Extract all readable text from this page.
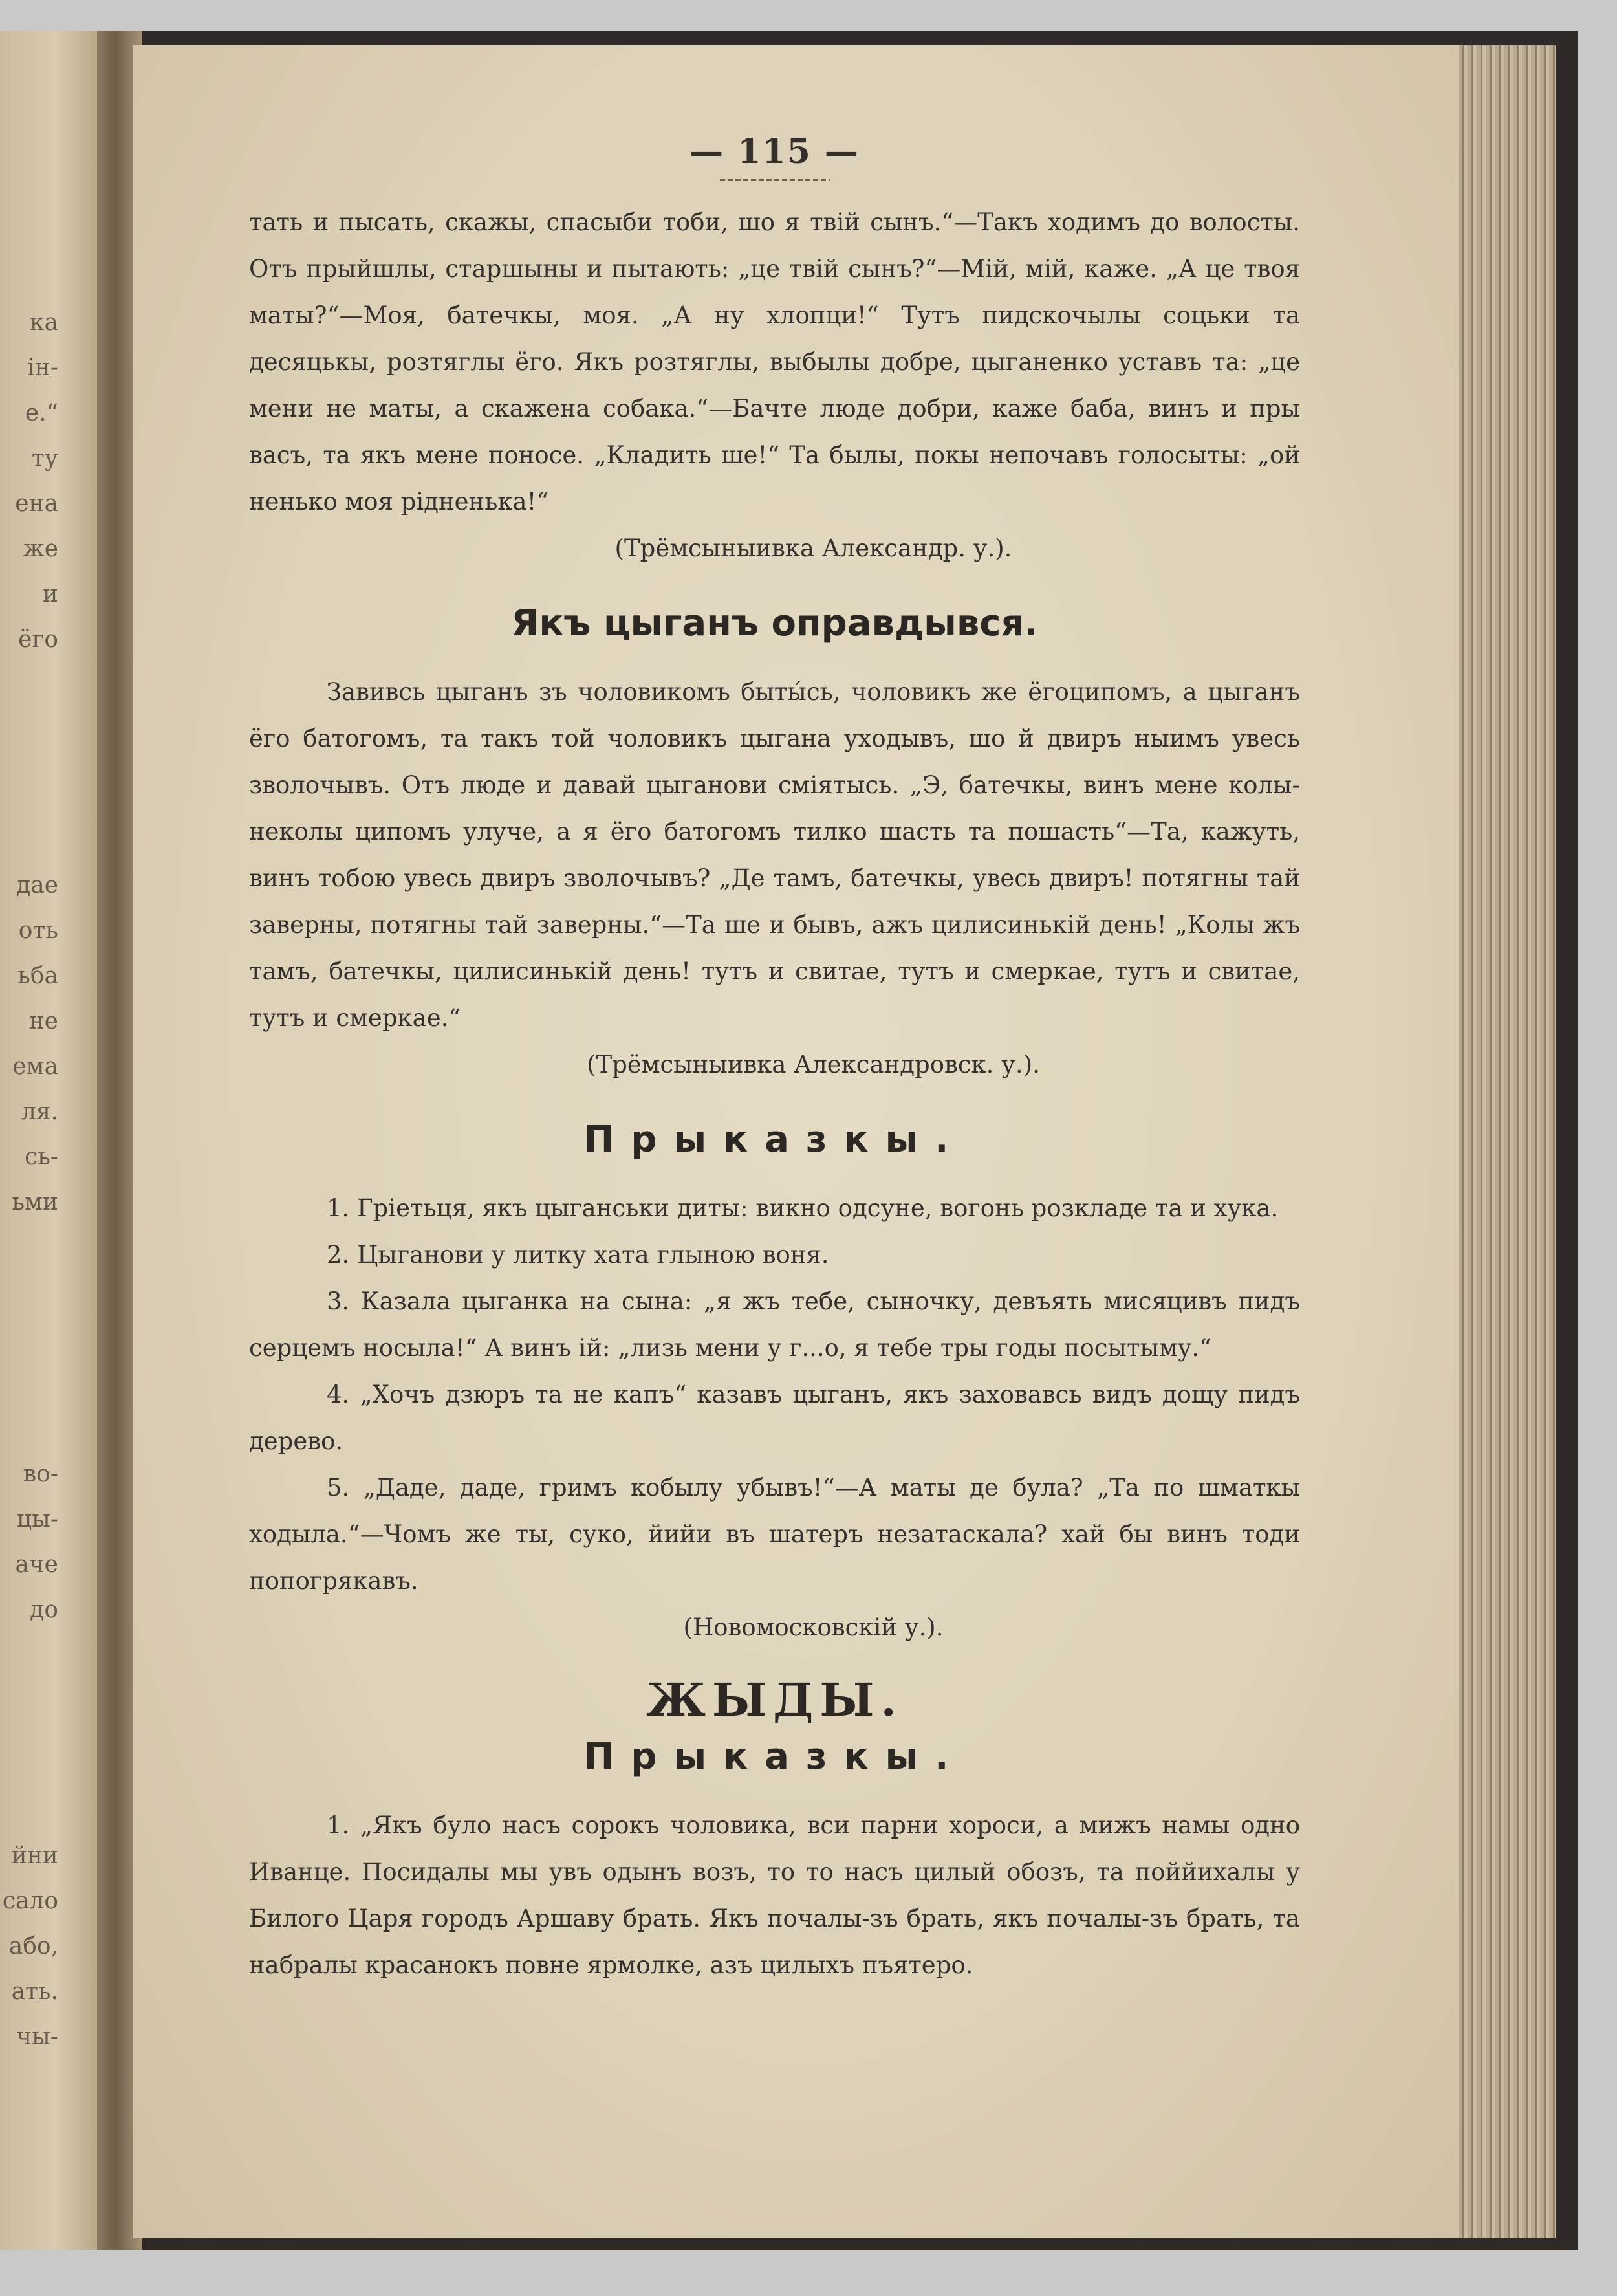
ка
ін-
е.“
ту
ена
же
и
ёго
дае
оть
ьба
не
ема
ля.
сь-
ьми
во-
цы-
аче
до
йни
сало
або,
ать.
чы-
— 115 —

тать и пысать, скажы, спасыби тоби, шо я твій сынъ.“—Такъ ходимъ до волосты. Отъ прыйшлы, старшыны и пытають: „це твій сынъ?“—Мій, мій, каже. „А це твоя маты?“—Моя, батечкы, моя. „А ну хлопци!“ Тутъ пидскочылы соцьки та десяцькы, розтяглы ёго. Якъ розтяглы, выбылы добре, цыганенко уставъ та: „це мени не маты, а скажена собака.“—Бачте люде добри, каже баба, винъ и пры васъ, та якъ мене поносе. „Кладить ше!“ Та былы, покы непочавъ голосыты: „ой ненько моя рідненька!“

(Трёмсыныивка Александр. у.).

Якъ цыганъ оправдывся.

Завивсь цыганъ зъ чоловикомъ быты́сь, чоловикъ же ёгоципомъ, а цыганъ ёго батогомъ, та такъ той чоловикъ цыгана уходывъ, шо й двиръ ныимъ увесь зволочывъ. Отъ люде и давай цыганови сміятысь. „Э, батечкы, винъ мене колы-неколы ципомъ улуче, а я ёго батогомъ тилко шасть та пошасть“—Та, кажуть, винъ тобою увесь двиръ зволочывъ? „Де тамъ, батечкы, увесь двиръ! потягны тай заверны, потягны тай заверны.“—Та ше и бывъ, ажъ цилисинькій день! „Колы жъ тамъ, батечкы, цилисинькій день! тутъ и свитае, тутъ и смеркае, тутъ и свитае, тутъ и смеркае.“

(Трёмсыныивка Александровск. у.).

Прыказкы.

1. Гріетьця, якъ цыганськи диты: викно одсуне, вогонь розкладе та и хука.

2. Цыганови у литку хата глыною воня.

3. Казала цыганка на сына: „я жъ тебе, сыночку, девъять мисяцивъ пидъ серцемъ носыла!“ А винъ ій: „лизь мени у г...о, я тебе тры годы посытыму.“

4. „Хочъ дзюръ та не капъ“ казавъ цыганъ, якъ заховавсь видъ дощу пидъ дерево.

5. „Даде, даде, гримъ кобылу убывъ!“—А маты де була? „Та по шматкы ходыла.“—Чомъ же ты, суко, йийи въ шатеръ незатаскала? хай бы винъ тоди попогрякавъ.

(Новомосковскій у.).

ЖЫДЫ.
Прыказкы.

1. „Якъ було насъ сорокъ чоловика, вси парни хороси, а мижъ намы одно Иванце. Посидалы мы увъ одынъ возъ, то то насъ цилый обозъ, та поййихалы у Билого Царя городъ Аршаву брать. Якъ почалы-зъ брать, якъ почалы-зъ брать, та набралы красанокъ повне ярмолке, азъ цилыхъ пъятеро.
